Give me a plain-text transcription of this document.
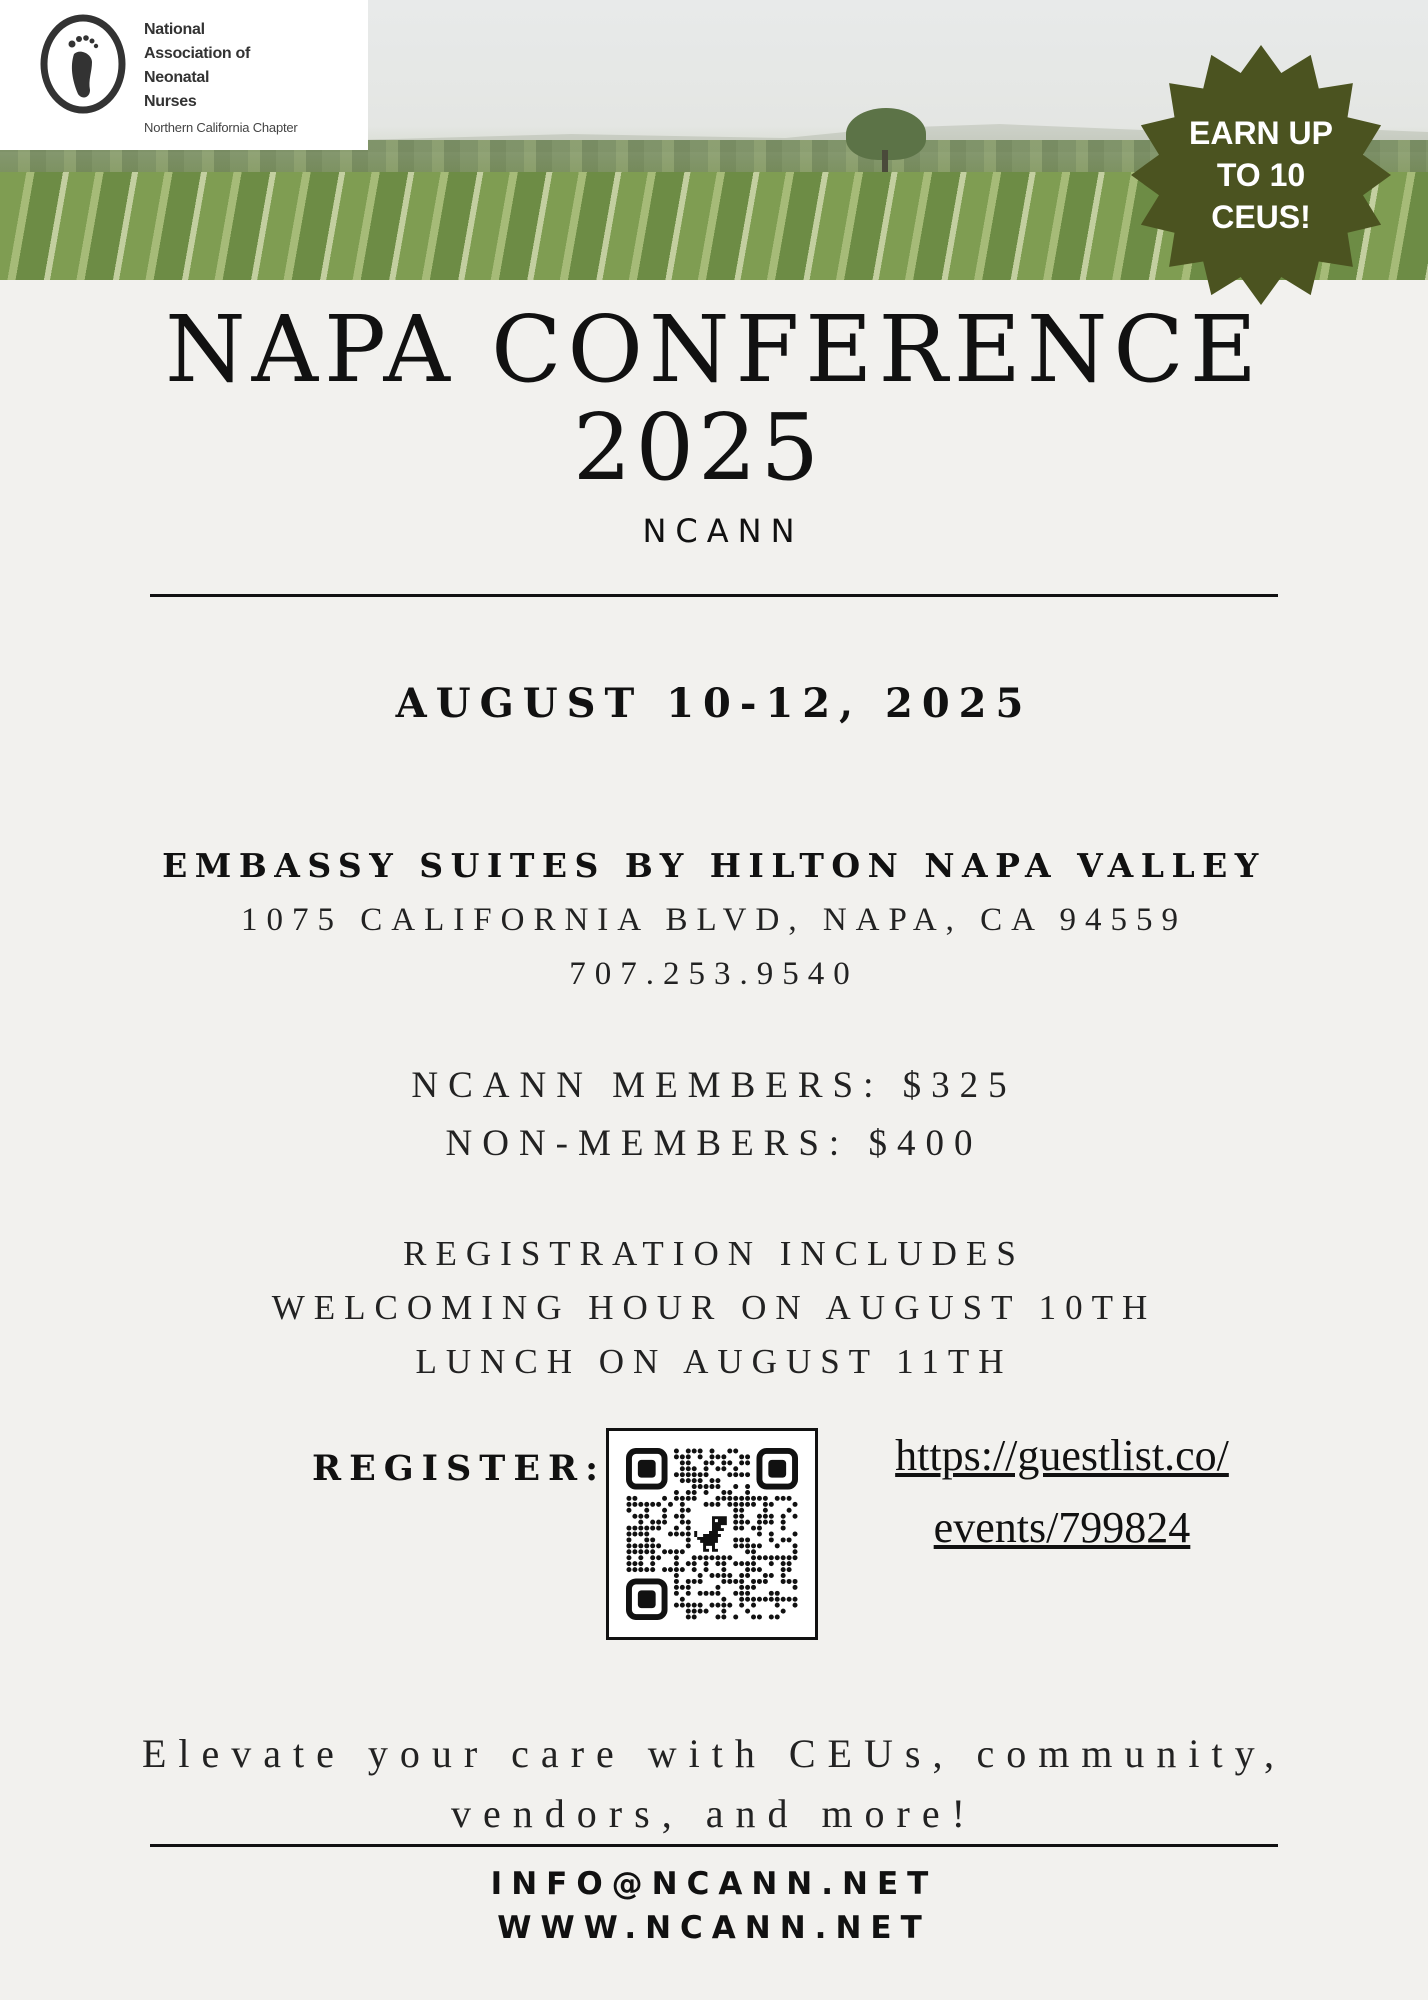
National
Association of
Neonatal
Nurses
Northern California Chapter	EARN UP
TO 10
CEUS!
NAPA CONFERENCE
2025
NCANN
AUGUST 10-12, 2025
EMBASSY SUITES BY HILTON NAPA VALLEY
1075 CALIFORNIA BLVD, NAPA, CA 94559
707.253.9540
NCANN MEMBERS: $325
NON-MEMBERS: $400
REGISTRATION INCLUDES
WELCOMING HOUR ON AUGUST 10TH
LUNCH ON AUGUST 11TH
REGISTER:	https://guestlist.co/
events/799824
Elevate your care with CEUs, community,
vendors, and more!
INFO@NCANN.NET
WWW.NCANN.NET
